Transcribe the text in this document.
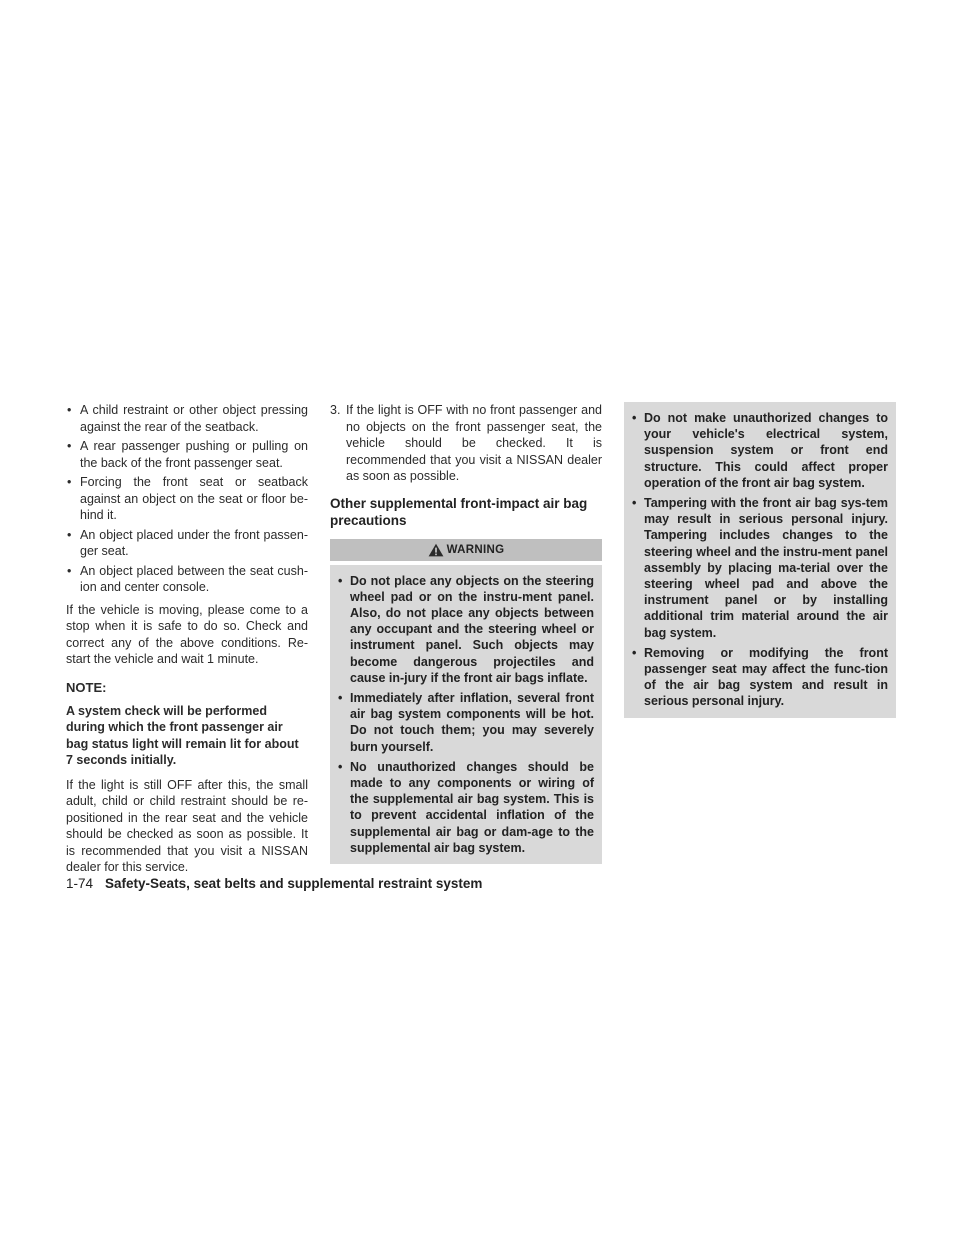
• A child restraint or other object pressing against the rear of the seatback.
• A rear passenger pushing or pulling on the back of the front passenger seat.
• Forcing the front seat or seatback against an object on the seat or floor be-hind it.
• An object placed under the front passen-ger seat.
• An object placed between the seat cush-ion and center console.

If the vehicle is moving, please come to a stop when it is safe to do so. Check and correct any of the above conditions. Re-start the vehicle and wait 1 minute.

NOTE:

A system check will be performed during which the front passenger air bag status light will remain lit for about 7 seconds initially.

If the light is still OFF after this, the small adult, child or child restraint should be re-positioned in the rear seat and the vehicle should be checked as soon as possible. It is recommended that you visit a NISSAN dealer for this service.

3. If the light is OFF with no front passenger and no objects on the front passenger seat, the vehicle should be checked. It is recommended that you visit a NISSAN dealer as soon as possible.
Other supplemental front-impact air bag precautions
WARNING
• Do not place any objects on the steering wheel pad or on the instru-ment panel. Also, do not place any objects between any occupant and the steering wheel or instrument panel. Such objects may become dangerous projectiles and cause in-jury if the front air bags inflate.
• Immediately after inflation, several front air bag system components will be hot. Do not touch them; you may severely burn yourself.
• No unauthorized changes should be made to any components or wiring of the supplemental air bag system. This is to prevent accidental inflation of the supplemental air bag or dam-age to the supplemental air bag system.
• Do not make unauthorized changes to your vehicle's electrical system, suspension system or front end structure. This could affect proper operation of the front air bag system.
• Tampering with the front air bag sys-tem may result in serious personal injury. Tampering includes changes to the steering wheel and the instru-ment panel assembly by placing ma-terial over the steering wheel pad and above the instrument panel or by installing additional trim material around the air bag system.
• Removing or modifying the front passenger seat may affect the func-tion of the air bag system and result in serious personal injury.
1-74 Safety-Seats, seat belts and supplemental restraint system
